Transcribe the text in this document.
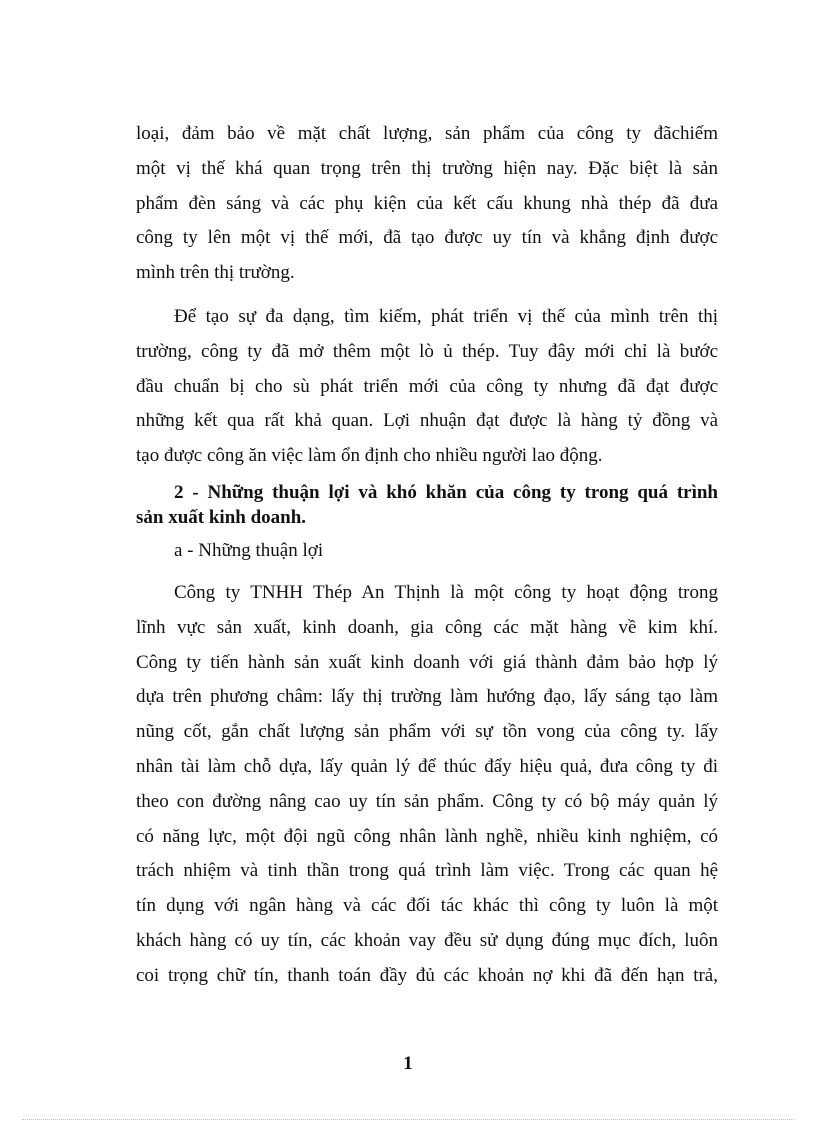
loại, đảm bảo về mặt chất lượng, sản phẩm của công ty đãchiếm
một vị thế khá quan trọng trên thị trường hiện nay. Đặc biệt là sản
phẩm đèn sáng và các phụ kiện của kết cấu khung nhà thép đã đưa
công ty lên một vị thế mới, đã tạo được uy tín và khẳng định được
mình trên thị trường.
Để tạo sự đa dạng, tìm kiếm, phát triển vị thế của mình trên thị
trường, công ty đã mở thêm một lò ủ thép. Tuy đây mới chỉ là bước
đầu chuẩn bị cho sù phát triển mới của công ty nhưng đã đạt được
những kết qua rất khả quan. Lợi nhuận đạt được là hàng tỷ đồng và
tạo được công ăn việc làm ổn định cho nhiều người lao động.
2 - Những thuận lợi và khó khăn của công ty trong quá trình
sản xuất kinh doanh.
a - Những thuận lợi
Công ty TNHH Thép An Thịnh là một công ty hoạt động trong
lĩnh vực sản xuất, kinh doanh, gia công các mặt hàng về kim khí.
Công ty tiến hành sản xuất kinh doanh với giá thành đảm bảo hợp lý
dựa trên phương châm: lấy thị trường làm hướng đạo, lấy sáng tạo làm
nũng cốt, gắn chất lượng sản phẩm với sự tồn vong của công ty. lấy
nhân tài làm chỗ dựa, lấy quản lý để thúc đẩy hiệu quả, đưa công ty đi
theo con đường nâng cao uy tín sản phẩm. Công ty có bộ máy quản lý
có năng lực, một đội ngũ công nhân lành nghề, nhiều kinh nghiệm, có
trách nhiệm và tinh thần trong quá trình làm việc. Trong các quan hệ
tín dụng với ngân hàng và các đối tác khác thì công ty luôn là một
khách hàng có uy tín, các khoản vay đều sử dụng đúng mục đích, luôn
coi trọng chữ tín, thanh toán đầy đủ các khoản nợ khi đã đến hạn trả,
1
